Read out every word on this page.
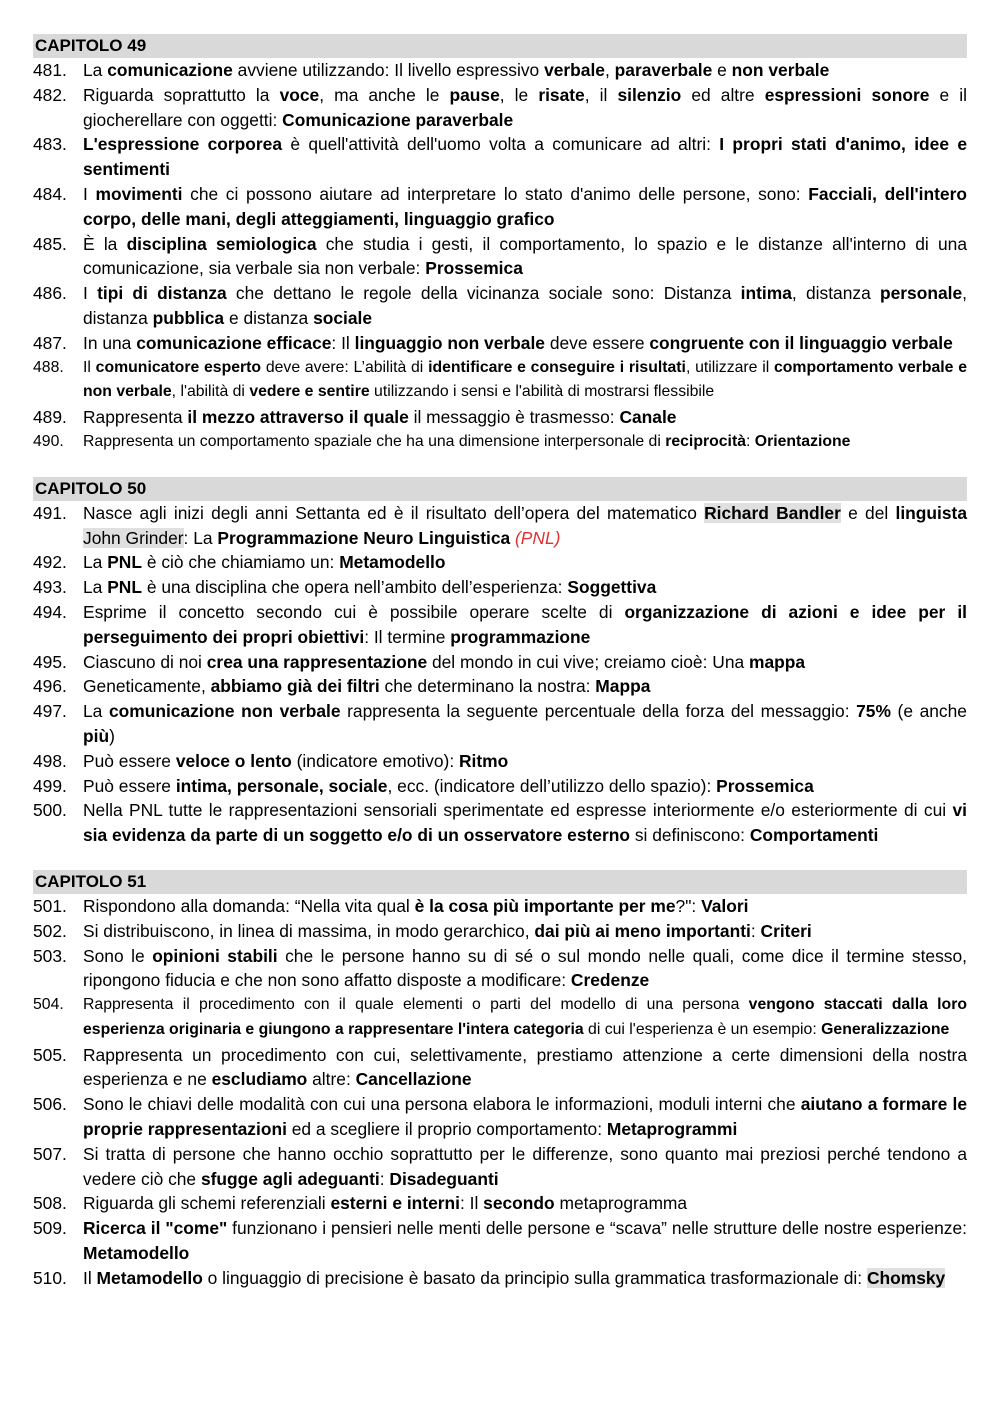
CAPITOLO 49
481. La comunicazione avviene utilizzando: Il livello espressivo verbale, paraverbale e non verbale
482. Riguarda soprattutto la voce, ma anche le pause, le risate, il silenzio ed altre espressioni sonore e il giocherellare con oggetti: Comunicazione paraverbale
483. L'espressione corporea è quell'attività dell'uomo volta a comunicare ad altri: I propri stati d'animo, idee e sentimenti
484. I movimenti che ci possono aiutare ad interpretare lo stato d'animo delle persone, sono: Facciali, dell'intero corpo, delle mani, degli atteggiamenti, linguaggio grafico
485. È la disciplina semiologica che studia i gesti, il comportamento, lo spazio e le distanze all'interno di una comunicazione, sia verbale sia non verbale: Prossemica
486. I tipi di distanza che dettano le regole della vicinanza sociale sono: Distanza intima, distanza personale, distanza pubblica e distanza sociale
487. In una comunicazione efficace: Il linguaggio non verbale deve essere congruente con il linguaggio verbale
488.	Il comunicatore esperto deve avere: L’abilità di identificare e conseguire i risultati, utilizzare il comportamento verbale e non verbale, l'abilità di vedere e sentire utilizzando i sensi e l'abilità di mostrarsi flessibile
489. Rappresenta il mezzo attraverso il quale il messaggio è trasmesso: Canale
490.	Rappresenta un comportamento spaziale che ha una dimensione interpersonale di reciprocità: Orientazione
CAPITOLO 50
491. Nasce agli inizi degli anni Settanta ed è il risultato dell’opera del matematico Richard Bandler e del linguista John Grinder: La Programmazione Neuro Linguistica (PNL)
492. La PNL è ciò che chiamiamo un: Metamodello
493. La PNL è una disciplina che opera nell’ambito dell’esperienza: Soggettiva
494. Esprime il concetto secondo cui è possibile operare scelte di organizzazione di azioni e idee per il perseguimento dei propri obiettivi: Il termine programmazione
495. Ciascuno di noi crea una rappresentazione del mondo in cui vive; creiamo cioè: Una mappa
496. Geneticamente, abbiamo già dei filtri che determinano la nostra: Mappa
497. La comunicazione non verbale rappresenta la seguente percentuale della forza del messaggio: 75% (e anche più)
498. Può essere veloce o lento (indicatore emotivo): Ritmo
499. Può essere intima, personale, sociale, ecc. (indicatore dell’utilizzo dello spazio): Prossemica
500. Nella PNL tutte le rappresentazioni sensoriali sperimentate ed espresse interiormente e/o esteriormente di cui vi sia evidenza da parte di un soggetto e/o di un osservatore esterno si definiscono: Comportamenti
CAPITOLO 51
501. Rispondono alla domanda: “Nella vita qual è la cosa più importante per me?": Valori
502. Si distribuiscono, in linea di massima, in modo gerarchico, dai più ai meno importanti: Criteri
503. Sono le opinioni stabili che le persone hanno su di sé o sul mondo nelle quali, come dice il termine stesso, ripongono fiducia e che non sono affatto disposte a modificare: Credenze
504.	Rappresenta il procedimento con il quale elementi o parti del modello di una persona vengono staccati dalla loro esperienza originaria e giungono a rappresentare l'intera categoria di cui l'esperienza è un esempio: Generalizzazione
505. Rappresenta un procedimento con cui, selettivamente, prestiamo attenzione a certe dimensioni della nostra esperienza e ne escludiamo altre: Cancellazione
506. Sono le chiavi delle modalità con cui una persona elabora le informazioni, moduli interni che aiutano a formare le proprie rappresentazioni ed a scegliere il proprio comportamento: Metaprogrammi
507. Si tratta di persone che hanno occhio soprattutto per le differenze, sono quanto mai preziosi perché tendono a vedere ciò che sfugge agli adeguanti: Disadeguanti
508. Riguarda gli schemi referenziali esterni e interni: Il secondo metaprogramma
509. Ricerca il "come" funzionano i pensieri nelle menti delle persone e “scava” nelle strutture delle nostre esperienze: Metamodello
510. Il Metamodello o linguaggio di precisione è basato da principio sulla grammatica trasformazionale di: Chomsky
